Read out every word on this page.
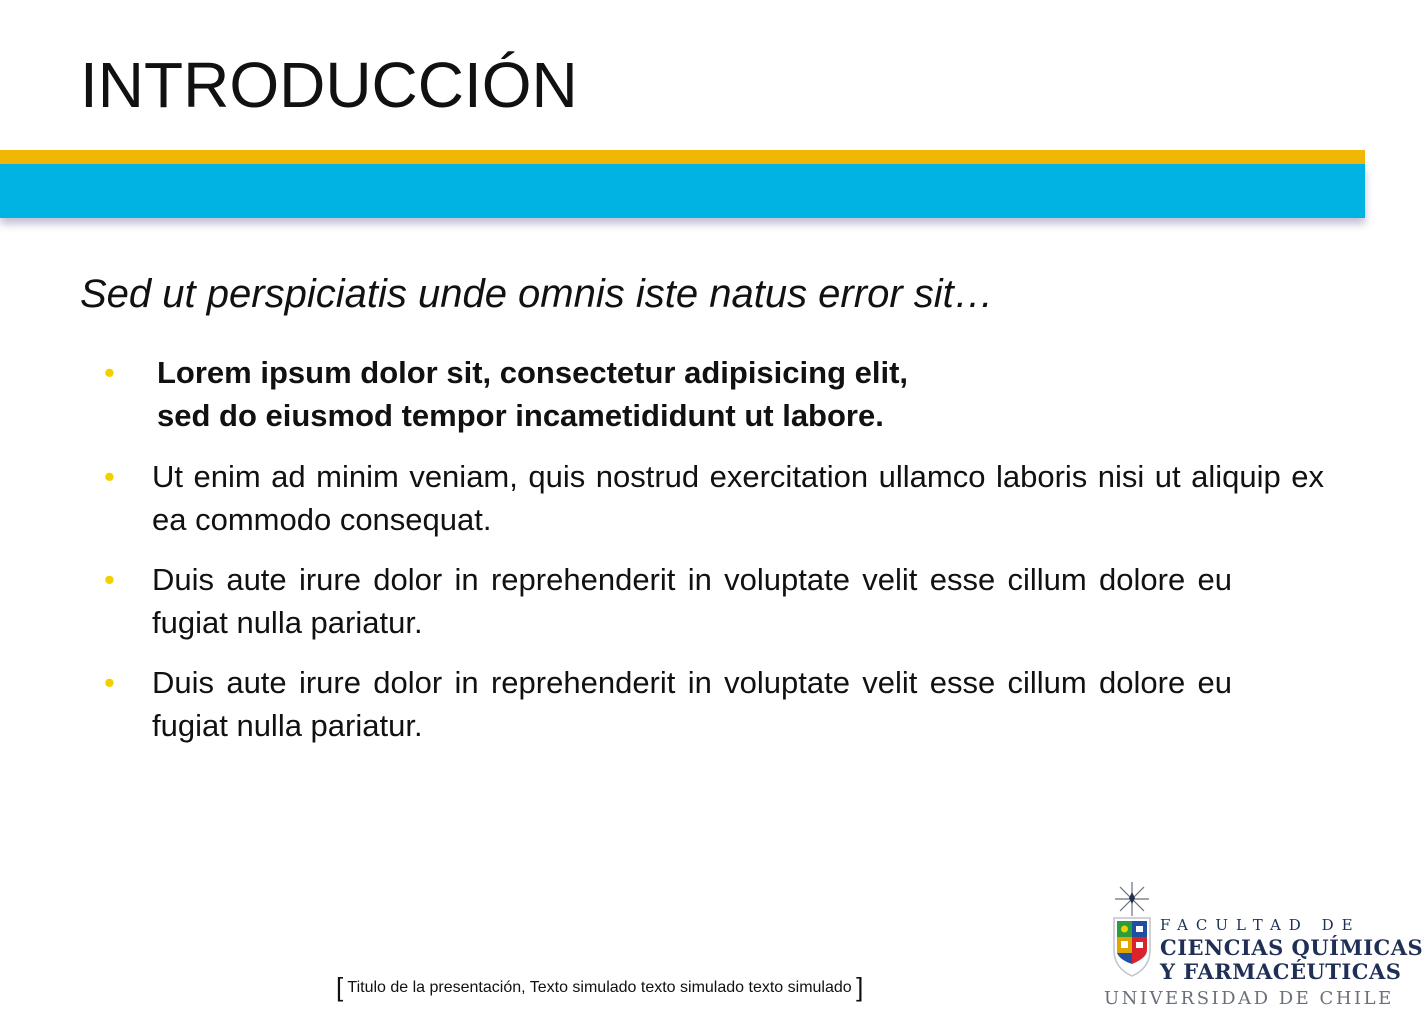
INTRODUCCIÓN
Sed ut perspiciatis unde omnis iste natus error sit…
• Lorem ipsum dolor sit, consectetur adipisicing elit,
sed do eiusmod tempor incametididunt ut labore.
• Ut enim ad minim veniam, quis nostrud exercitation ullamco laboris nisi ut aliquip ex ea commodo consequat.
• Duis aute irure dolor in reprehenderit in voluptate velit esse cillum dolore eu fugiat nulla pariatur.
• Duis aute irure dolor in reprehenderit in voluptate velit esse cillum dolore eu fugiat nulla pariatur.
[ Titulo de la presentación, Texto simulado texto simulado texto simulado ]
FACULTAD DE
CIENCIAS QUÍMICAS
Y FARMACÉUTICAS
UNIVERSIDAD DE CHILE
